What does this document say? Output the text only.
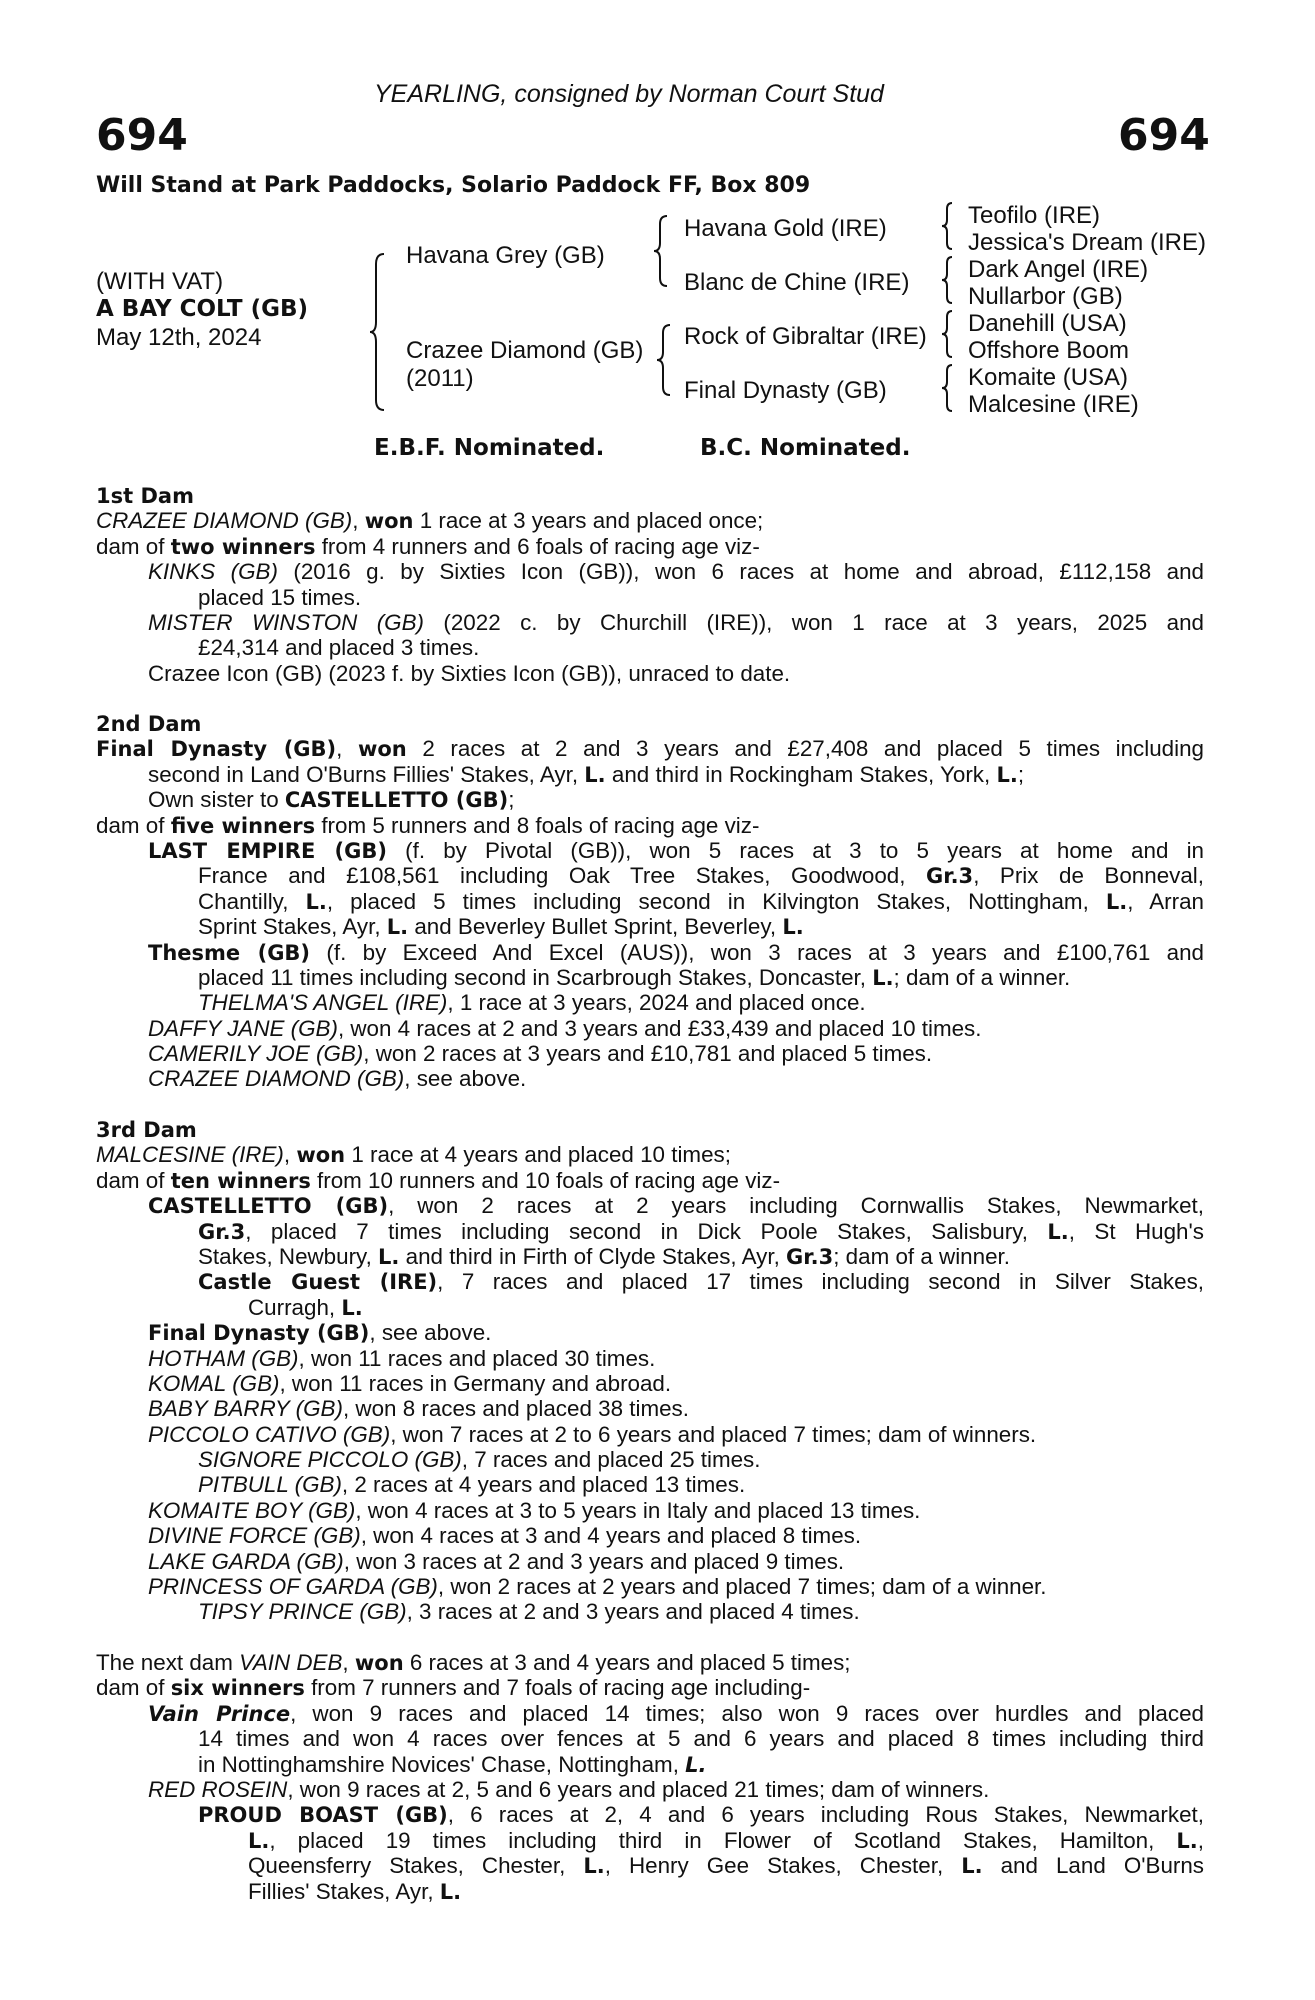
YEARLING, consigned by Norman Court Stud
694	694
Will Stand at Park Paddocks, Solario Paddock FF, Box 809
(WITH VAT)
A BAY COLT (GB)
May 12th, 2024
Havana Grey (GB)
Crazee Diamond (GB)
(2011)
Havana Gold (IRE)
Blanc de Chine (IRE)
Rock of Gibraltar (IRE)
Final Dynasty (GB)
Teofilo (IRE)
Jessica's Dream (IRE)
Dark Angel (IRE)
Nullarbor (GB)
Danehill (USA)
Offshore Boom
Komaite (USA)
Malcesine (IRE)
E.B.F. Nominated.	B.C. Nominated.
1st Dam
CRAZEE DIAMOND (GB), won 1 race at 3 years and placed once;
dam of two winners from 4 runners and 6 foals of racing age viz-
KINKS (GB) (2016 g. by Sixties Icon (GB)), won 6 races at home and abroad, £112,158 and
placed 15 times.
MISTER WINSTON (GB) (2022 c. by Churchill (IRE)), won 1 race at 3 years, 2025 and
£24,314 and placed 3 times.
Crazee Icon (GB) (2023 f. by Sixties Icon (GB)), unraced to date.
2nd Dam
Final Dynasty (GB), won 2 races at 2 and 3 years and £27,408 and placed 5 times including
second in Land O'Burns Fillies' Stakes, Ayr, L. and third in Rockingham Stakes, York, L.;
Own sister to CASTELLETTO (GB);
dam of five winners from 5 runners and 8 foals of racing age viz-
LAST EMPIRE (GB) (f. by Pivotal (GB)), won 5 races at 3 to 5 years at home and in
France and £108,561 including Oak Tree Stakes, Goodwood, Gr.3, Prix de Bonneval,
Chantilly, L., placed 5 times including second in Kilvington Stakes, Nottingham, L., Arran
Sprint Stakes, Ayr, L. and Beverley Bullet Sprint, Beverley, L.
Thesme (GB) (f. by Exceed And Excel (AUS)), won 3 races at 3 years and £100,761 and
placed 11 times including second in Scarbrough Stakes, Doncaster, L.; dam of a winner.
THELMA'S ANGEL (IRE), 1 race at 3 years, 2024 and placed once.
DAFFY JANE (GB), won 4 races at 2 and 3 years and £33,439 and placed 10 times.
CAMERILY JOE (GB), won 2 races at 3 years and £10,781 and placed 5 times.
CRAZEE DIAMOND (GB), see above.
3rd Dam
MALCESINE (IRE), won 1 race at 4 years and placed 10 times;
dam of ten winners from 10 runners and 10 foals of racing age viz-
CASTELLETTO (GB), won 2 races at 2 years including Cornwallis Stakes, Newmarket,
Gr.3, placed 7 times including second in Dick Poole Stakes, Salisbury, L., St Hugh's
Stakes, Newbury, L. and third in Firth of Clyde Stakes, Ayr, Gr.3; dam of a winner.
Castle Guest (IRE), 7 races and placed 17 times including second in Silver Stakes,
Curragh, L.
Final Dynasty (GB), see above.
HOTHAM (GB), won 11 races and placed 30 times.
KOMAL (GB), won 11 races in Germany and abroad.
BABY BARRY (GB), won 8 races and placed 38 times.
PICCOLO CATIVO (GB), won 7 races at 2 to 6 years and placed 7 times; dam of winners.
SIGNORE PICCOLO (GB), 7 races and placed 25 times.
PITBULL (GB), 2 races at 4 years and placed 13 times.
KOMAITE BOY (GB), won 4 races at 3 to 5 years in Italy and placed 13 times.
DIVINE FORCE (GB), won 4 races at 3 and 4 years and placed 8 times.
LAKE GARDA (GB), won 3 races at 2 and 3 years and placed 9 times.
PRINCESS OF GARDA (GB), won 2 races at 2 years and placed 7 times; dam of a winner.
TIPSY PRINCE (GB), 3 races at 2 and 3 years and placed 4 times.
The next dam VAIN DEB, won 6 races at 3 and 4 years and placed 5 times;
dam of six winners from 7 runners and 7 foals of racing age including-
Vain Prince, won 9 races and placed 14 times; also won 9 races over hurdles and placed
14 times and won 4 races over fences at 5 and 6 years and placed 8 times including third
in Nottinghamshire Novices' Chase, Nottingham, L.
RED ROSEIN, won 9 races at 2, 5 and 6 years and placed 21 times; dam of winners.
PROUD BOAST (GB), 6 races at 2, 4 and 6 years including Rous Stakes, Newmarket,
L., placed 19 times including third in Flower of Scotland Stakes, Hamilton, L.,
Queensferry Stakes, Chester, L., Henry Gee Stakes, Chester, L. and Land O'Burns
Fillies' Stakes, Ayr, L.
